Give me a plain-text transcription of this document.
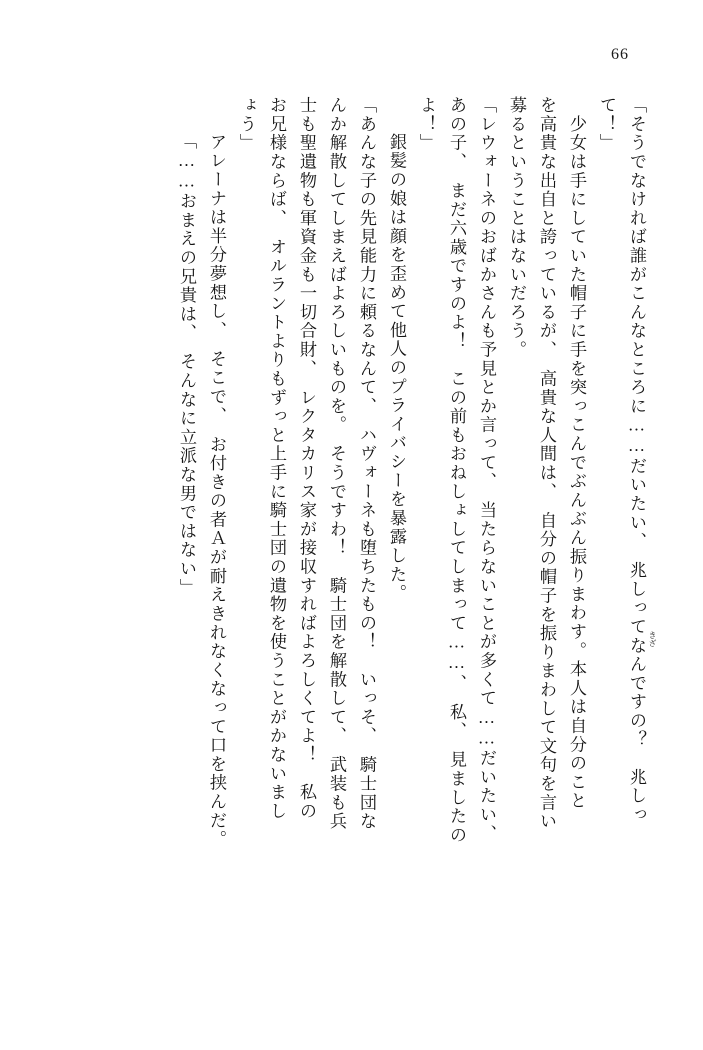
66
「そうでなければ誰がこんなところに……だいたい、　兆しってなんですの？　兆しっ
て！」
　少女は手にしていた帽子に手を突っこんでぶんぶん振りまわす。本人は自分のこと
を高貴な出自と誇っているが、　高貴な人間は、　自分の帽子を振りまわして文句を言い
募るということはないだろう。
「レウォーネのおばかさんも予見とか言って、　当たらないことが多くて……だいたい、
あの子、　まだ六歳ですのよ！　この前もおねしょしてしまって……、　私、　見ましたの
よ！」
　銀髪の娘は顔を歪めて他人のプライバシーを暴露した。
「あんな子の先見能力に頼るなんて、　ハヴォーネも堕ちたもの！　いっそ、　騎士団な
んか解散してしまえばよろしいものを。　そうですわ！　騎士団を解散して、　武装も兵
士も聖遺物も軍資金も一切合財、　レクタカリス家が接収すればよろしくてよ！　私の
お兄様ならば、　オルラントよりもずっと上手に騎士団の遺物を使うことがかないまし
ょう」
　アレーナは半分夢想し、　そこで、　お付きの者Ａが耐えきれなくなって口を挟んだ。
「……おまえの兄貴は、　そんなに立派な男ではない」
きざ
